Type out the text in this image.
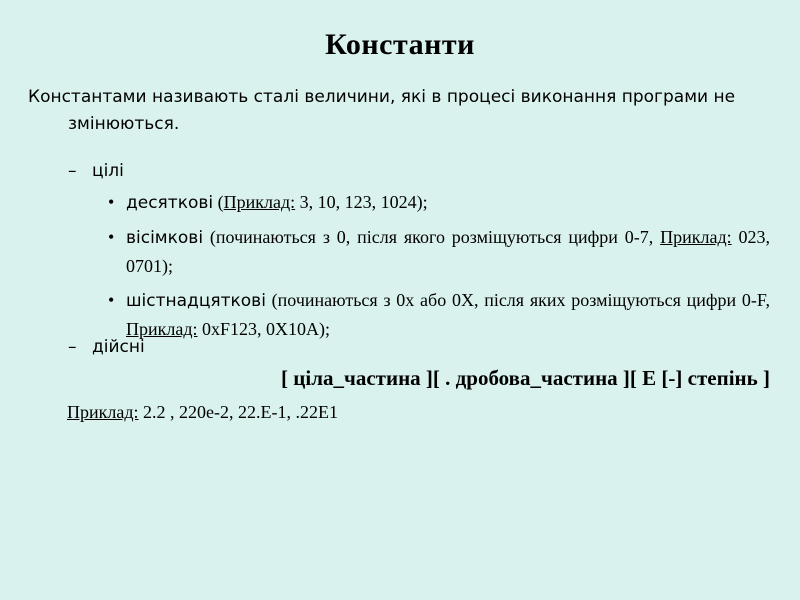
Константи
Константами називають сталі величини, які в процесі виконання програми не
змінюються.
– цілі
• десяткові (Приклад: 3, 10, 123, 1024);
• вісімкові (починаються з 0, після якого розміщуються цифри 0-7, Приклад: 023, 0701);
• шістнадцяткові (починаються з 0x або 0X, після яких розміщуються цифри 0-F, Приклад: 0xF123, 0X10A);
– дійсні
[ ціла_частина ][ . дробова_частина ][ E [-] степінь ]
Приклад: 2.2 , 220e-2, 22.E-1, .22E1
